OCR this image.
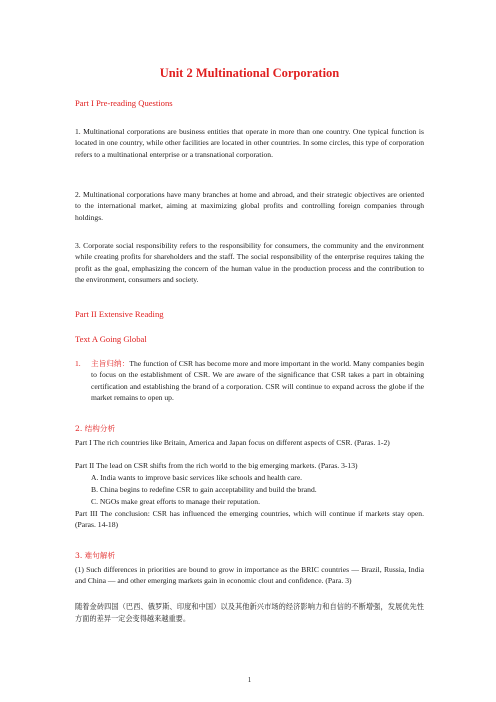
Unit 2 Multinational Corporation
Part I Pre-reading Questions
1. Multinational corporations are business entities that operate in more than one country. One typical function is located in one country, while other facilities are located in other countries. In some circles, this type of corporation refers to a multinational enterprise or a transnational corporation.
2. Multinational corporations have many branches at home and abroad, and their strategic objectives are oriented to the international market, aiming at maximizing global profits and controlling foreign companies through holdings.
3. Corporate social responsibility refers to the responsibility for consumers, the community and the environment while creating profits for shareholders and the staff. The social responsibility of the enterprise requires taking the profit as the goal, emphasizing the concern of the human value in the production process and the contribution to the environment, consumers and society.
Part II Extensive Reading
Text A Going Global
1.	主旨归纳：The function of CSR has become more and more important in the world. Many companies begin to focus on the establishment of CSR. We are aware of the significance that CSR takes a part in obtaining certification and establishing the brand of a corporation. CSR will continue to expand across the globe if the market remains to open up.
2. 结构分析
Part I The rich countries like Britain, America and Japan focus on different aspects of CSR. (Paras. 1-2)
Part II The lead on CSR shifts from the rich world to the big emerging markets. (Paras. 3-13)
A. India wants to improve basic services like schools and health care.
B. China begins to redefine CSR to gain acceptability and build the brand.
C. NGOs make great efforts to manage their reputation.
Part III The conclusion: CSR has influenced the emerging countries, which will continue if markets stay open. (Paras. 14-18)
3. 难句解析
(1) Such differences in priorities are bound to grow in importance as the BRIC countries — Brazil, Russia, India and China — and other emerging markets gain in economic clout and confidence. (Para. 3)
随着金砖四国（巴西、俄罗斯、印度和中国）以及其他新兴市场的经济影响力和自信的不断增强，发展优先性方面的差异一定会变得越来越重要。
1
